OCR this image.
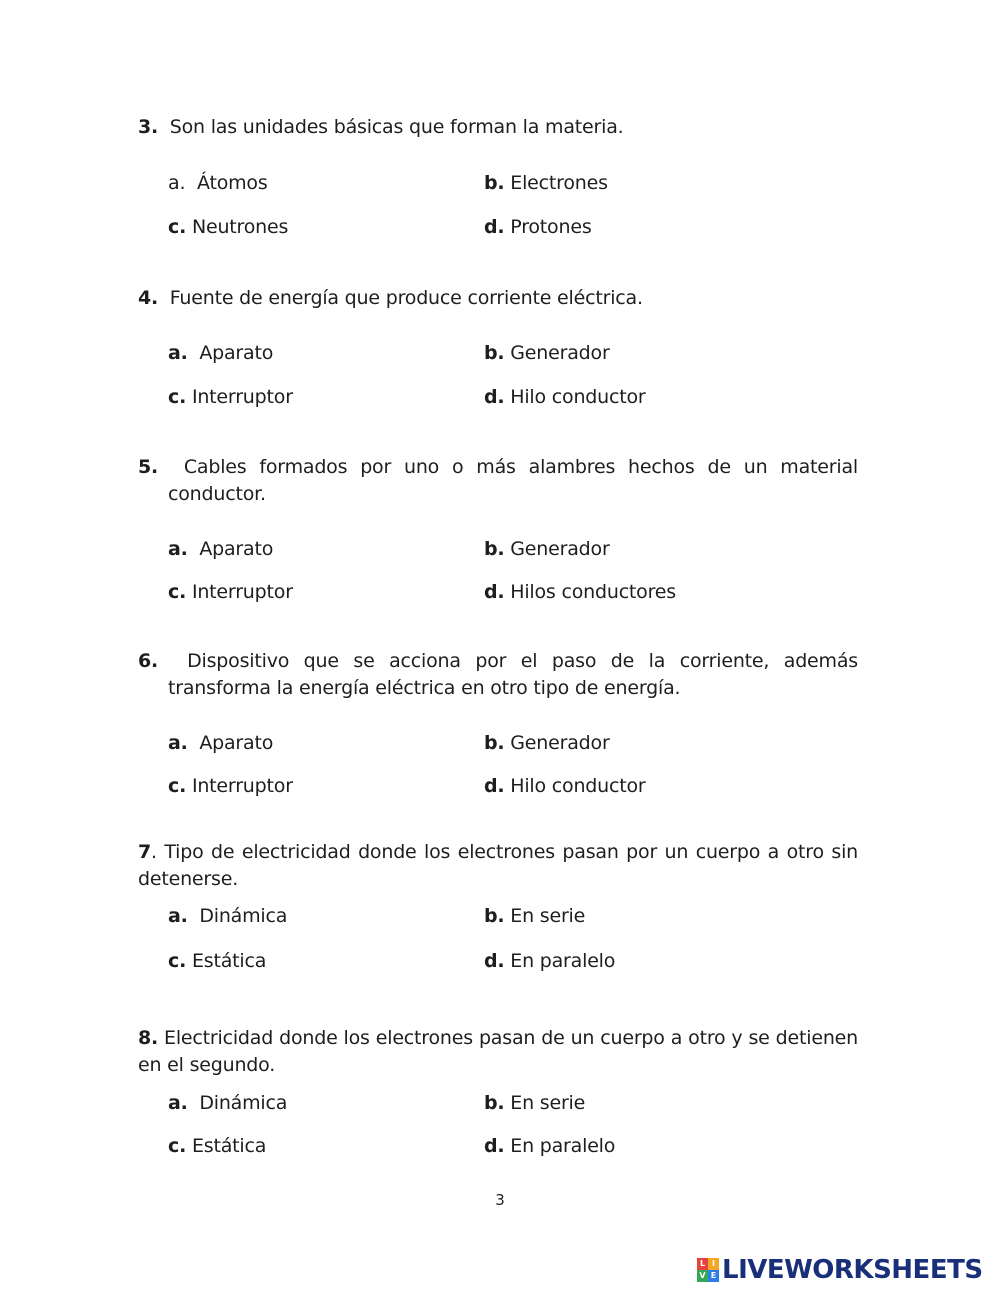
3. Son las unidades básicas que forman la materia.
a. Átomos	b. Electrones
c. Neutrones	d. Protones
4. Fuente de energía que produce corriente eléctrica.
a. Aparato	b. Generador
c. Interruptor	d. Hilo conductor
5. Cables formados por uno o más alambres hechos de un material conductor.
a. Aparato	b. Generador
c. Interruptor	d. Hilos conductores
6. Dispositivo que se acciona por el paso de la corriente, además transforma la energía eléctrica en otro tipo de energía.
a. Aparato	b. Generador
c. Interruptor	d. Hilo conductor
7. Tipo de electricidad donde los electrones pasan por un cuerpo a otro sin detenerse.
a. Dinámica	b. En serie
c. Estática	d. En paralelo
8. Electricidad donde los electrones pasan de un cuerpo a otro y se detienen en el segundo.
a. Dinámica	b. En serie
c. Estática	d. En paralelo
3
L I
V E LIVEWORKSHEETS
